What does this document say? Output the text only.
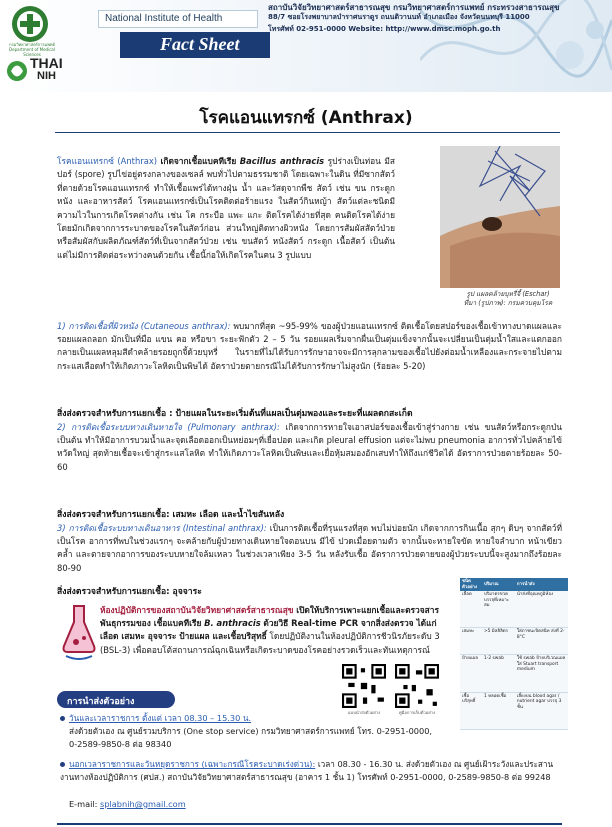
กรมวิทยาศาสตร์การแพทย์ Department of Medical Sciences
THAI
NIH
National Institute of Health
Fact Sheet
สถาบันวิจัยวิทยาศาสตร์สาธารณสุข กรมวิทยาศาสตร์การแพทย์ กระทรวงสาธารณสุข
88/7 ซอยโรงพยาบาลบำราศนราดูร ถนนติวานนท์ อำเภอเมือง จังหวัดนนทบุรี 11000
โทรศัพท์ 02-951-0000 Website: http://www.dmsc.moph.go.th
โรคแอนแทรกซ์ (Anthrax)
โรคแอนแทรกซ์ (Anthrax) เกิดจากเชื้อแบคทีเรีย Bacillus anthracis รูปร่างเป็นท่อน มีสปอร์ (spore) รูปไข่อยู่ตรงกลางของเซลล์ พบทั่วไปตามธรรมชาติ โดยเฉพาะในดิน ที่มีซากสัตว์ที่ตายด้วยโรคแอนแทรกซ์ ทำให้เชื้อแพร่ได้ทางฝุ่น น้ำ และวัสดุจากพืช สัตว์ เช่น ขน กระดูกหนัง และอาหารสัตว์ โรคแอนแทรกซ์เป็นโรคติดต่อร้ายแรง ในสัตว์กินหญ้า สัตว์แต่ละชนิดมีความไวในการเกิดโรคต่างกัน เช่น โค กระบือ แพะ แกะ ติดโรคได้ง่ายที่สุด คนติดโรคได้ง่าย โดยมักเกิดจากการระบาดของโรคในสัตว์ก่อน ส่วนใหญ่ติดทางผิวหนัง โดยการสัมผัสสัตว์ป่วย หรือสัมผัสกับผลิตภัณฑ์สัตว์ที่เป็นจากสัตว์ป่วย เช่น ขนสัตว์ หนังสัตว์ กระดูก เนื้อสัตว์ เป็นต้น แต่ไม่มีการติดต่อระหว่างคนด้วยกัน เชื้อนี้ก่อให้เกิดโรคในคน 3 รูปแบบ
รูป แผลคล้ายบุหรี่จี้ (Eschar)
ที่มา (รูปภาพ): กรมควบคุมโรค
1) การติดเชื้อที่ผิวหนัง (Cutaneous anthrax): พบมากที่สุด ~95-99% ของผู้ป่วยแอนแทรกซ์ ติดเชื้อโดยสปอร์ของเชื้อเข้าทางบาดแผลและรอยแผลถลอก มักเป็นที่มือ แขน คอ หรือขา ระยะฟักตัว 2 – 5 วัน รอยแผลเริ่มจากผื่นเป็นตุ่มแข็งจากนั้นจะเปลี่ยนเป็นตุ่มน้ำใสและแตกออกกลายเป็นแผลหลุมสีดำคล้ายรอยถูกจี้ด้วยบุหรี่ ในรายที่ไม่ได้รับการรักษาอาจจะมีการลุกลามของเชื้อไปยังต่อมน้ำเหลืองและกระจายไปตามกระแสเลือดทำให้เกิดภาวะโลหิตเป็นพิษได้ อัตราป่วยตายกรณีไม่ได้รับการรักษาไม่สูงนัก (ร้อยละ 5-20)
สิ่งส่งตรวจสำหรับการแยกเชื้อ : ป้ายแผลในระยะเริ่มต้นที่แผลเป็นตุ่มพองและระยะที่แผลตกสะเก็ด
2) การติดเชื้อระบบทางเดินหายใจ (Pulmonary anthrax): เกิดจากการหายใจเอาสปอร์ของเชื้อเข้าสู่ร่างกาย เช่น ขนสัตว์หรือกระดูกป่น เป็นต้น ทำให้มีอาการบวมน้ำและจุดเลือดออกเป็นหย่อมๆที่เยื่อปอด และเกิด pleural effusion แต่จะไม่พบ pneumonia อาการทั่วไปคล้ายไข้หวัดใหญ่ สุดท้ายเชื้อจะเข้าสู่กระแสโลหิต ทำให้เกิดภาวะโลหิตเป็นพิษและเยื่อหุ้มสมองอักเสบทำให้ถึงแก่ชีวิตได้ อัตราการป่วยตายร้อยละ 50-60
สิ่งส่งตรวจสำหรับการแยกเชื้อ: เสมหะ เลือด และน้ำไขสันหลัง
3) การติดเชื้อระบบทางเดินอาหาร (Intestinal anthrax): เป็นการติดเชื้อที่รุนแรงที่สุด พบไม่บ่อยนัก เกิดจากการกินเนื้อ สุกๆ ดิบๆ จากสัตว์ที่เป็นโรค อาการที่พบในช่วงแรกๆ จะคล้ายกับผู้ป่วยทางเดินหายใจตอนบน มีไข้ ปวดเมื่อยตามตัว จากนั้นจะหายใจขัด หายใจลำบาก หน้าเขียวคล้ำ และตายจากอาการของระบบหายใจล้มเหลว ในช่วงเวลาเพียง 3-5 วัน หลังรับเชื้อ อัตราการป่วยตายของผู้ป่วยระบบนี้จะสูงมากถึงร้อยละ 80-90
สิ่งส่งตรวจสำหรับการแยกเชื้อ: อุจจาระ
ห้องปฏิบัติการของสถาบันวิจัยวิทยาศาสตร์สาธารณสุข เปิดให้บริการเพาะแยกเชื้อและตรวจสารพันธุกรรมของ เชื้อแบคทีเรีย B. anthracis ด้วยวิธี Real-time PCR จากสิ่งส่งตรวจ ได้แก่ เลือด เสมหะ อุจจาระ ป้ายแผล และเชื้อบริสุทธิ์ โดยปฏิบัติงานในห้องปฏิบัติการชีวนิรภัยระดับ 3 (BSL-3) เพื่อตอบโต้สถานการณ์ฉุกเฉินหรือเกิดระบาดของโรคอย่างรวดเร็วและทันเหตุการณ์
แบบนำส่งตัวอย่าง	คู่มือการเก็บตัวอย่าง
ชนิดตัวอย่าง	ปริมาณ	การนำส่ง
เลือด	ปริมาตรขวด บรรจุที่เหมาะสม	นำส่งที่อุณหภูมิห้อง
เสมหะ	>5 มิลลิลิตร	ใส่ภาชนะปิดสนิท ส่งที่ 2-8°C
ป้ายแผล	1-2 swab	ใช้ swab ป้ายบริเวณแผล ใส่ Stuart transport medium
เชื้อบริสุทธิ์	1 หลอดเชื้อ	เลี้ยงบน blood agar / nutrient agar บรรจุ 3 ชั้น
การนำส่งตัวอย่าง
วันและเวลาราชการ ตั้งแต่ เวลา 08.30 – 15.30 น.
ส่งด้วยตัวเอง ณ ศูนย์รวมบริการ (One stop service) กรมวิทยาศาสตร์การแพทย์ โทร. 0-2951-0000,
0-2589-9850-8 ต่อ 98340
นอกเวลาราชการและวันหยุดราชการ (เฉพาะกรณีโรคระบาดเร่งด่วน): เวลา 08.30 - 16.30 น. ส่งด้วยตัวเอง ณ ศูนย์เฝ้าระวังและประสานงานทางห้องปฏิบัติการ (ศปส.) สถาบันวิจัยวิทยาศาสตร์สาธารณสุข (อาคาร 1 ชั้น 1) โทรศัพท์ 0-2951-0000, 0-2589-9850-8 ต่อ 99248
E-mail: splabnih@gmail.com
